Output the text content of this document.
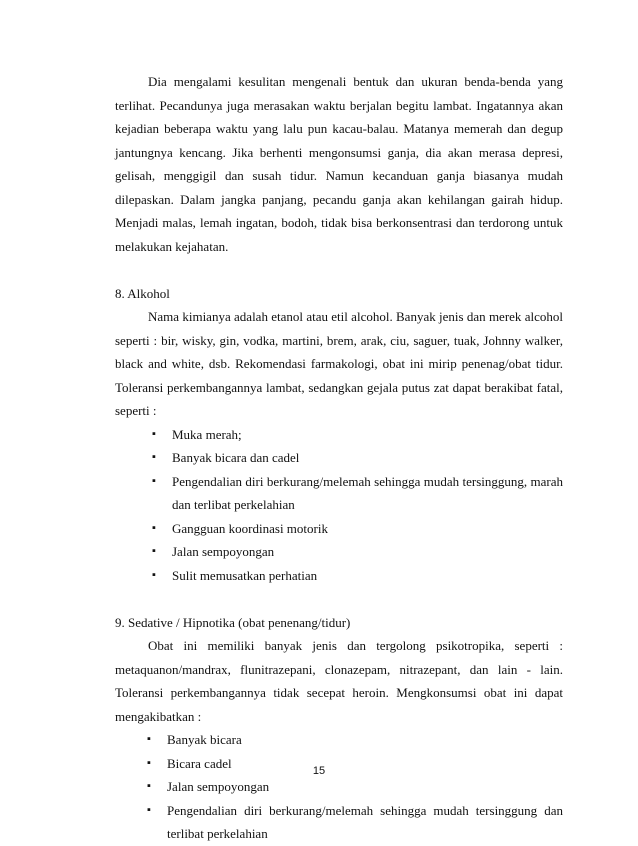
Dia mengalami kesulitan mengenali bentuk dan ukuran benda-benda yang terlihat. Pecandunya juga merasakan waktu berjalan begitu lambat. Ingatannya akan kejadian beberapa waktu yang lalu pun kacau-balau. Matanya memerah dan degup jantungnya kencang. Jika berhenti mengonsumsi ganja, dia akan merasa depresi, gelisah, menggigil dan susah tidur. Namun kecanduan ganja biasanya mudah dilepaskan. Dalam jangka panjang, pecandu ganja akan kehilangan gairah hidup. Menjadi malas, lemah ingatan, bodoh, tidak bisa berkonsentrasi dan terdorong untuk melakukan kejahatan.

8. Alkohol

Nama kimianya adalah etanol atau etil alcohol. Banyak jenis dan merek alcohol seperti : bir, wisky, gin, vodka, martini, brem, arak, ciu, saguer, tuak, Johnny walker, black and white, dsb. Rekomendasi farmakologi, obat ini mirip penenag/obat tidur. Toleransi perkembangannya lambat, sedangkan gejala putus zat dapat berakibat fatal, seperti :

▪ Muka merah;
▪ Banyak bicara dan cadel
▪ Pengendalian diri berkurang/melemah sehingga mudah tersinggung, marah dan terlibat perkelahian
▪ Gangguan koordinasi motorik
▪ Jalan sempoyongan
▪ Sulit memusatkan perhatian
9. Sedative / Hipnotika (obat penenang/tidur)

Obat ini memiliki banyak jenis dan tergolong psikotropika, seperti : metaquanon/mandrax, flunitrazepani, clonazepam, nitrazepant, dan lain - lain. Toleransi perkembangannya tidak secepat heroin. Mengkonsumsi obat ini dapat mengakibatkan :

▪ Banyak bicara
▪ Bicara cadel
▪ Jalan sempoyongan
▪ Pengendalian diri berkurang/melemah sehingga mudah tersinggung dan terlibat perkelahian
15
